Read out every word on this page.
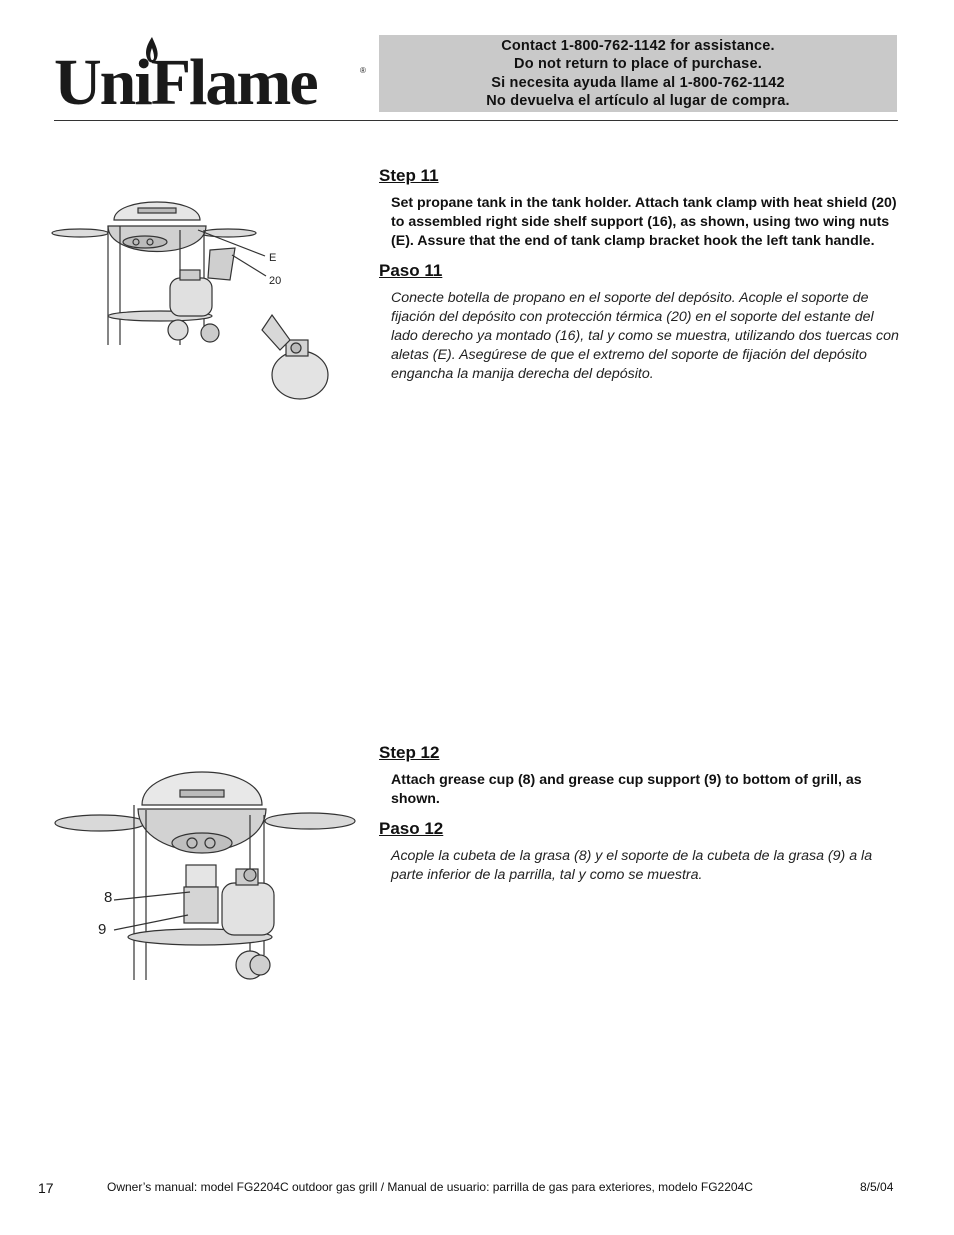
UniFlame	®
Contact 1-800-762-1142 for assistance.
Do not return to place of purchase.
Si necesita ayuda llame al 1-800-762-1142
No devuelva el artículo al lugar de compra.
E
20
Step 11

Set propane tank in the tank holder. Attach tank clamp with heat shield (20) to assembled right side shelf support (16), as shown, using two wing nuts (E). Assure that the end of tank clamp bracket hook the left tank handle.

Paso 11

Conecte botella de propano en el soporte del depósito. Acople el soporte de fijación del depósito con protección térmica (20) en el soporte del estante del lado derecho ya montado (16), tal y como se muestra, utilizando dos tuercas con aletas (E). Asegúrese de que el extremo del soporte de fijación del depósito engancha la manija derecha del depósito.

8
9
Step 12

Attach grease cup (8) and grease cup support (9) to bottom of grill, as shown.

Paso 12

Acople la cubeta de la grasa (8) y el soporte de la cubeta de la grasa (9) a la parte inferior de la parrilla, tal y como se muestra.

17	Owner’s manual: model FG2204C outdoor gas grill / Manual de usuario: parrilla de gas para exteriores, modelo FG2204C	8/5/04
